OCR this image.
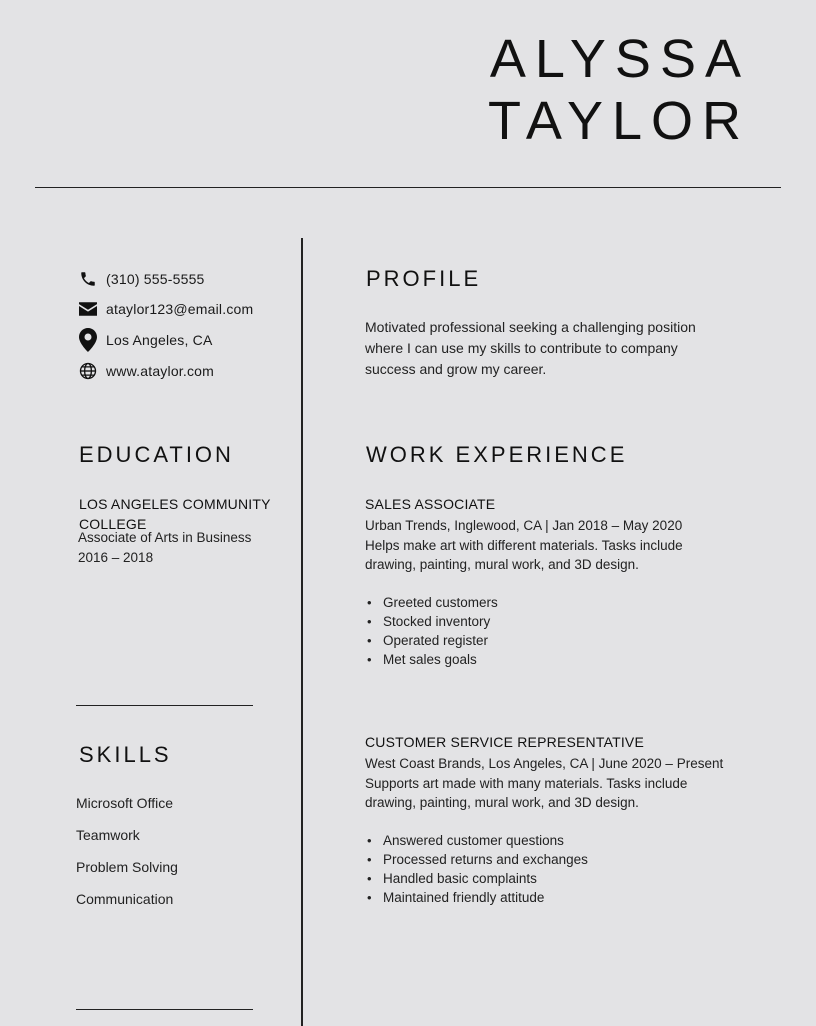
ALYSSA
TAYLOR
(310) 555-5555
ataylor123@email.com
Los Angeles, CA
www.ataylor.com
EDUCATION
LOS ANGELES COMMUNITY
COLLEGE
Associate of Arts in Business
2016 – 2018
SKILLS
Microsoft Office
Teamwork
Problem Solving
Communication
PROFILE
Motivated professional seeking a challenging position
where I can use my skills to contribute to company
success and grow my career.
WORK EXPERIENCE
SALES ASSOCIATE
Urban Trends, Inglewood, CA | Jan 2018 – May 2020
Helps make art with different materials. Tasks include
drawing, painting, mural work, and 3D design.
• Greeted customers
• Stocked inventory
• Operated register
• Met sales goals
CUSTOMER SERVICE REPRESENTATIVE
West Coast Brands, Los Angeles, CA | June 2020 – Present
Supports art made with many materials. Tasks include
drawing, painting, mural work, and 3D design.
• Answered customer questions
• Processed returns and exchanges
• Handled basic complaints
• Maintained friendly attitude
